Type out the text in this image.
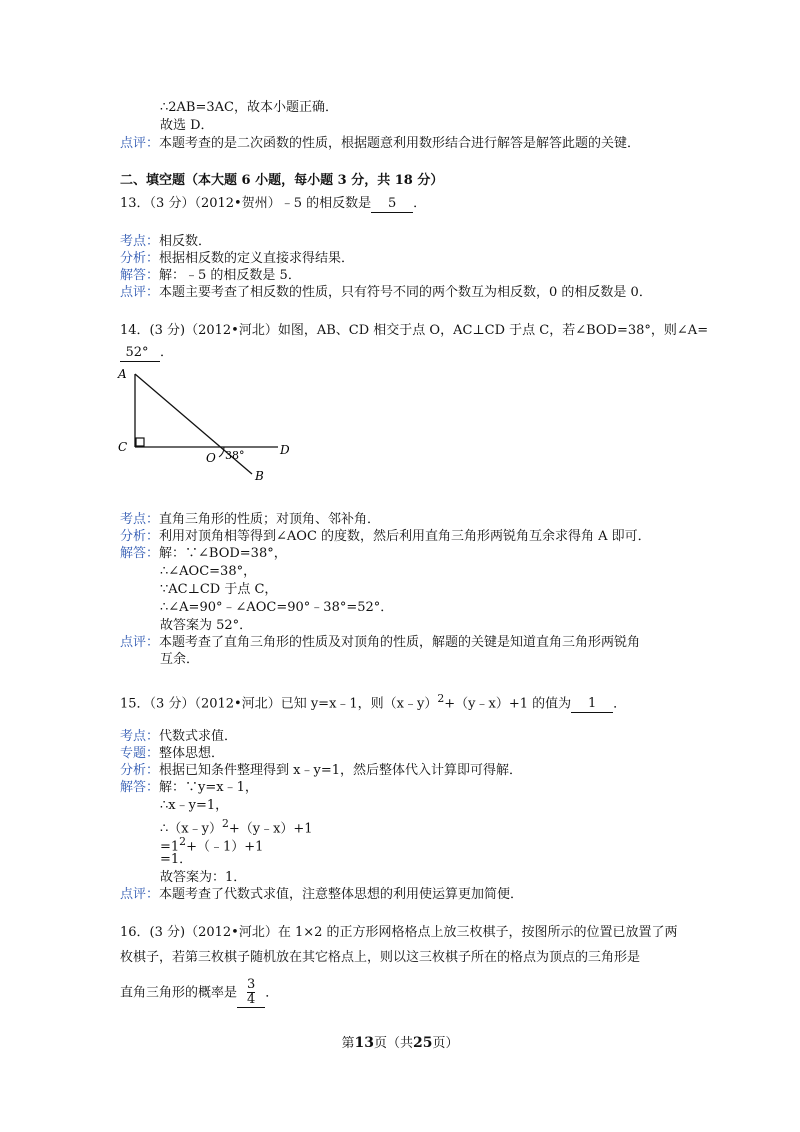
∴2AB=3AC，故本小题正确．
故选 D．
点评：本题考查的是二次函数的性质，根据题意利用数形结合进行解答是解答此题的关键．
二、填空题（本大题 6 小题，每小题 3 分，共 18 分）
13．（3 分）（2012•贺州）﹣5 的相反数是 5 ．
考点：相反数．
分析：根据相反数的定义直接求得结果．
解答：解：﹣5 的相反数是 5．
点评：本题主要考查了相反数的性质，只有符号不同的两个数互为相反数，0 的相反数是 0．
14．(3 分)（2012•河北）如图，AB、CD 相交于点 O，AC⊥CD 于点 C，若∠BOD=38°，则∠A=
52° ．
A
C
O
D
B
38°
考点：直角三角形的性质；对顶角、邻补角．
分析：利用对顶角相等得到∠AOC 的度数，然后利用直角三角形两锐角互余求得角 A 即可．
解答：解：∵∠BOD=38°，
∴∠AOC=38°，
∵AC⊥CD 于点 C，
∴∠A=90°﹣∠AOC=90°﹣38°=52°．
故答案为 52°．
点评：本题考查了直角三角形的性质及对顶角的性质，解题的关键是知道直角三角形两锐角
互余．
15．（3 分）（2012•河北）已知 y=x﹣1，则（x﹣y）$^2$+（y﹣x）+1 的值为 1 ．
考点：代数式求值．
专题：整体思想．
分析：根据已知条件整理得到 x﹣y=1，然后整体代入计算即可得解．
解答：解：∵y=x﹣1，
∴x﹣y=1，
∴（x﹣y）$^2$+（y﹣x）+1
$=1^2+(﹣1)+1$
=1．
故答案为：1．
点评：本题考查了代数式求值，注意整体思想的利用使运算更加简便．
16．(3 分)（2012•河北）在 1×2 的正方形网格格点上放三枚棋子，按图所示的位置已放置了两
枚棋子，若第三枚棋子随机放在其它格点上，则以这三枚棋子所在的格点为顶点的三角形是
直角三角形的概率是 $\frac{3}{4}$ ．
第13页（共25页）
